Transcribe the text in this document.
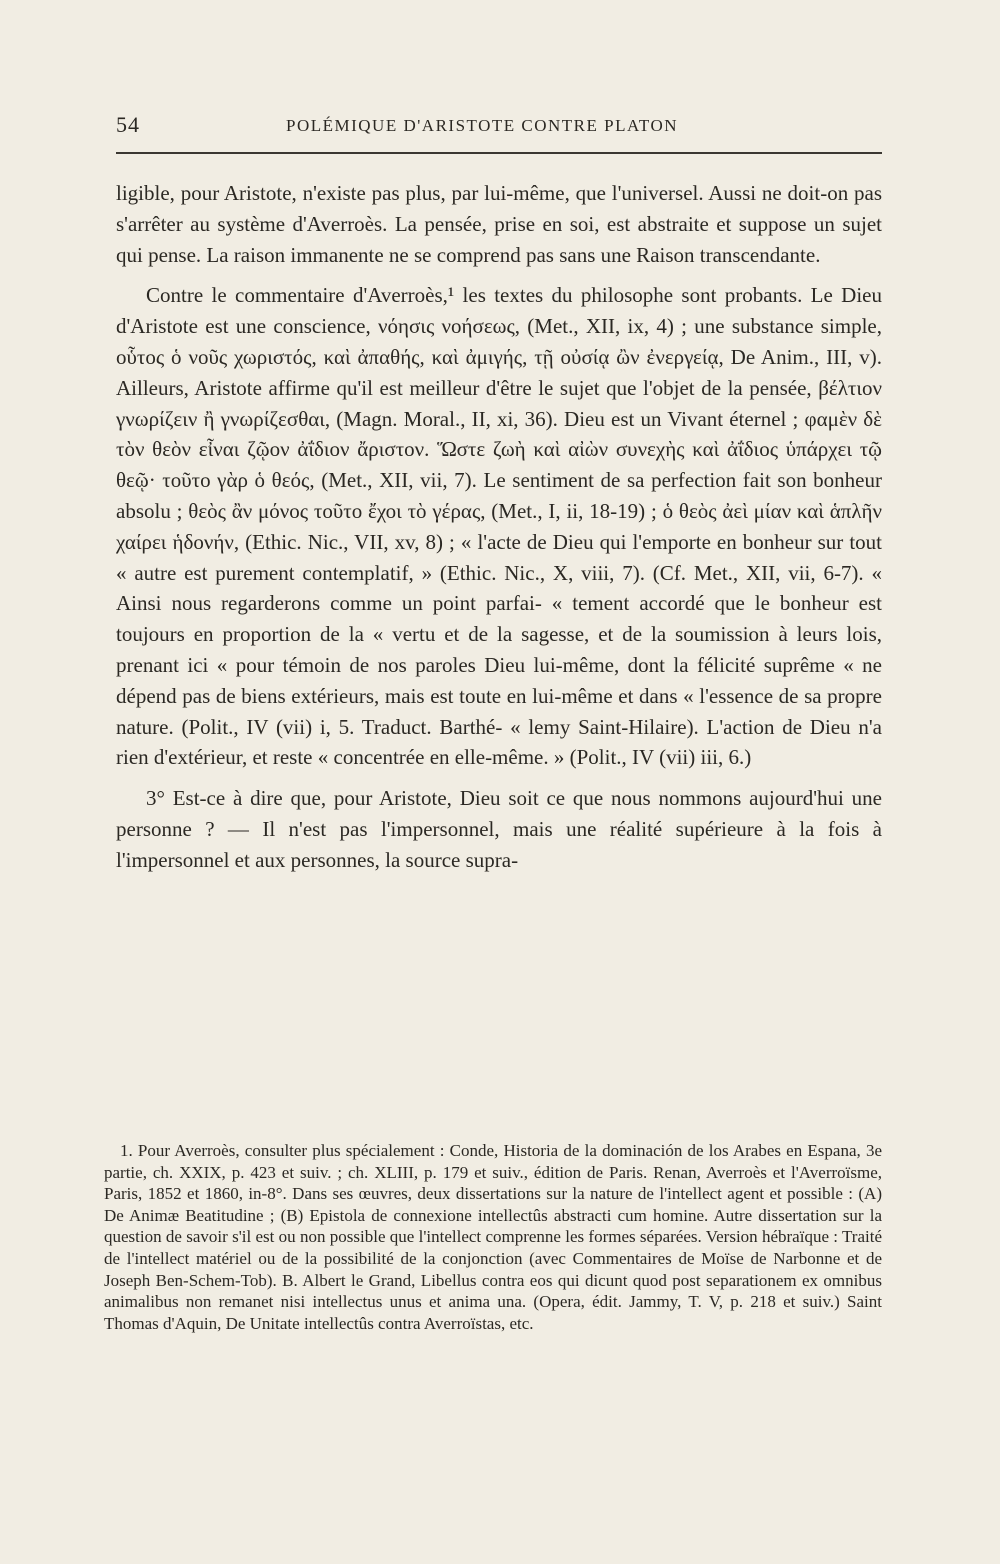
54	POLÉMIQUE D'ARISTOTE CONTRE PLATON

ligible, pour Aristote, n'existe pas plus, par lui-même, que l'universel. Aussi ne doit-on pas s'arrêter au système d'Averroès. La pensée, prise en soi, est abstraite et suppose un sujet qui pense. La raison immanente ne se comprend pas sans une Raison transcendante.

Contre le commentaire d'Averroès,¹ les textes du philosophe sont probants. Le Dieu d'Aristote est une conscience, νόησις νοήσεως, (Met., XII, ix, 4) ; une substance simple, οὗτος ὁ νοῦς χωριστός, καὶ ἀπαθής, καὶ ἀμιγής, τῇ οὐσίᾳ ὢν ἐνεργείᾳ, De Anim., III, v). Ailleurs, Aristote affirme qu'il est meilleur d'être le sujet que l'objet de la pensée, βέλτιον γνωρίζειν ἢ γνωρίζεσθαι, (Magn. Moral., II, xi, 36). Dieu est un Vivant éternel ; φαμὲν δὲ τὸν θεὸν εἶναι ζῷον ἀΐδιον ἄριστον. Ὥστε ζωὴ καὶ αἰὼν συνεχὴς καὶ ἀΐδιος ὑπάρχει τῷ θεῷ· τοῦτο γὰρ ὁ θεός, (Met., XII, vii, 7). Le sentiment de sa perfection fait son bonheur absolu ; θεὸς ἂν μόνος τοῦτο ἔχοι τὸ γέρας, (Met., I, ii, 18-19) ; ὁ θεὸς ἀεὶ μίαν καὶ ἁπλῆν χαίρει ἡδονήν, (Ethic. Nic., VII, xv, 8) ; « l'acte de Dieu qui l'emporte en bonheur sur tout « autre est purement contemplatif, » (Ethic. Nic., X, viii, 7). (Cf. Met., XII, vii, 6-7). « Ainsi nous regarderons comme un point parfai- « tement accordé que le bonheur est toujours en proportion de la « vertu et de la sagesse, et de la soumission à leurs lois, prenant ici « pour témoin de nos paroles Dieu lui-même, dont la félicité suprême « ne dépend pas de biens extérieurs, mais est toute en lui-même et dans « l'essence de sa propre nature. (Polit., IV (vii) i, 5. Traduct. Barthé- « lemy Saint-Hilaire). L'action de Dieu n'a rien d'extérieur, et reste « concentrée en elle-même. » (Polit., IV (vii) iii, 6.)

3° Est-ce à dire que, pour Aristote, Dieu soit ce que nous nommons aujourd'hui une personne ? — Il n'est pas l'impersonnel, mais une réalité supérieure à la fois à l'impersonnel et aux personnes, la source supra-

1. Pour Averroès, consulter plus spécialement : Conde, Historia de la dominación de los Arabes en Espana, 3e partie, ch. XXIX, p. 423 et suiv. ; ch. XLIII, p. 179 et suiv., édition de Paris. Renan, Averroès et l'Averroïsme, Paris, 1852 et 1860, in-8°. Dans ses œuvres, deux dissertations sur la nature de l'intellect agent et possible : (A) De Animæ Beatitudine ; (B) Epistola de connexione intellectûs abstracti cum homine. Autre dissertation sur la question de savoir s'il est ou non possible que l'intellect comprenne les formes séparées. Version hébraïque : Traité de l'intellect matériel ou de la possibilité de la conjonction (avec Commentaires de Moïse de Narbonne et de Joseph Ben-Schem-Tob). B. Albert le Grand, Libellus contra eos qui dicunt quod post separationem ex omnibus animalibus non remanet nisi intellectus unus et anima una. (Opera, édit. Jammy, T. V, p. 218 et suiv.) Saint Thomas d'Aquin, De Unitate intellectûs contra Averroïstas, etc.
